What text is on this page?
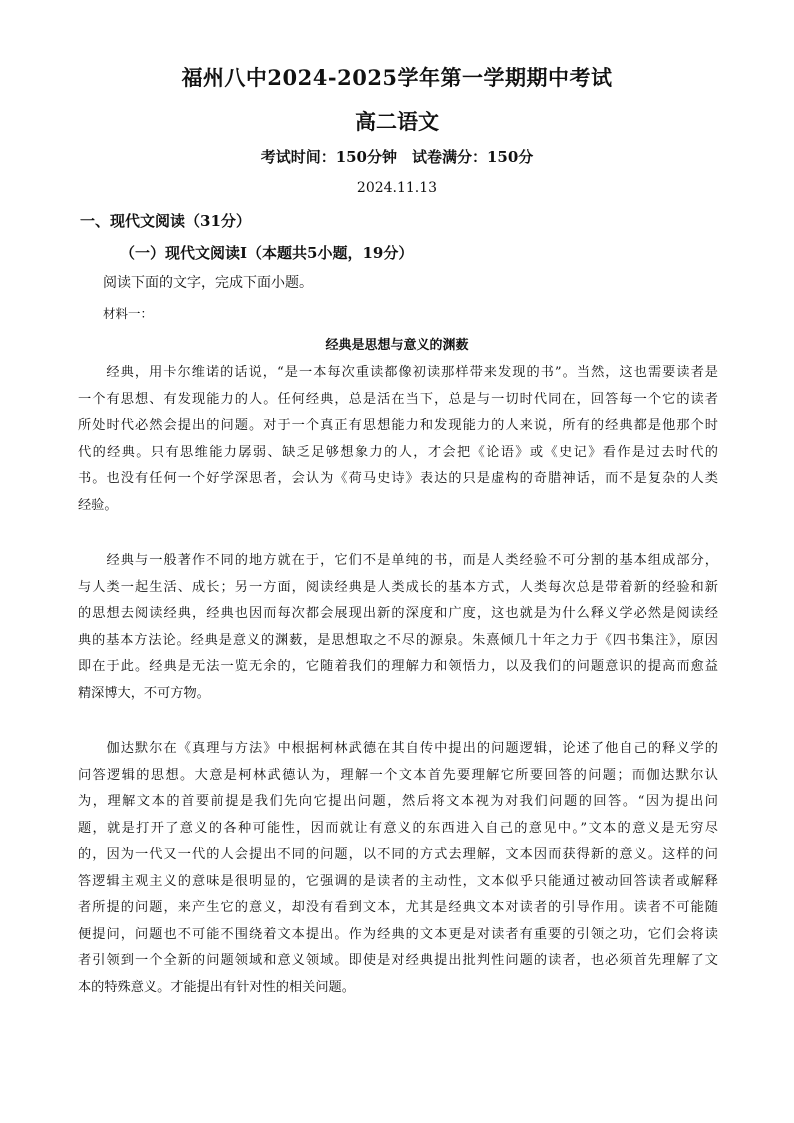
福州八中2024-2025学年第一学期期中考试
高二语文
考试时间：150分钟　试卷满分：150分
2024.11.13
一、现代文阅读（31分）
（一）现代文阅读Ⅰ（本题共5小题，19分）
阅读下面的文字，完成下面小题。
材料一：
经典是思想与意义的渊薮
　　经典，用卡尔维诺的话说，“是一本每次重读都像初读那样带来发现的书”。当然，这也需要读者是
一个有思想、有发现能力的人。任何经典，总是活在当下，总是与一切时代同在，回答每一个它的读者
所处时代必然会提出的问题。对于一个真正有思想能力和发现能力的人来说，所有的经典都是他那个时
代的经典。只有思维能力孱弱、缺乏足够想象力的人，才会把《论语》或《史记》看作是过去时代的
书。也没有任何一个好学深思者，会认为《荷马史诗》表达的只是虚构的奇腊神话，而不是复杂的人类
经验。
　　经典与一般著作不同的地方就在于，它们不是单纯的书，而是人类经验不可分割的基本组成部分，
与人类一起生活、成长；另一方面，阅读经典是人类成长的基本方式，人类每次总是带着新的经验和新
的思想去阅读经典，经典也因而每次都会展现出新的深度和广度，这也就是为什么释义学必然是阅读经
典的基本方法论。经典是意义的渊薮，是思想取之不尽的源泉。朱熹倾几十年之力于《四书集注》，原因
即在于此。经典是无法一览无余的，它随着我们的理解力和领悟力，以及我们的问题意识的提高而愈益
精深博大，不可方物。
　　伽达默尔在《真理与方法》中根据柯林武德在其自传中提出的问题逻辑，论述了他自己的释义学的
问答逻辑的思想。大意是柯林武德认为，理解一个文本首先要理解它所要回答的问题；而伽达默尔认
为，理解文本的首要前提是我们先向它提出问题，然后将文本视为对我们问题的回答。“因为提出问
题，就是打开了意义的各种可能性，因而就让有意义的东西进入自己的意见中。”文本的意义是无穷尽
的，因为一代又一代的人会提出不同的问题，以不同的方式去理解，文本因而获得新的意义。这样的问
答逻辑主观主义的意味是很明显的，它强调的是读者的主动性，文本似乎只能通过被动回答读者或解释
者所提的问题，来产生它的意义，却没有看到文本，尤其是经典文本对读者的引导作用。读者不可能随
便提问，问题也不可能不围绕着文本提出。作为经典的文本更是对读者有重要的引领之功，它们会将读
者引领到一个全新的问题领域和意义领域。即使是对经典提出批判性问题的读者，也必须首先理解了文
本的特殊意义。才能提出有针对性的相关问题。
